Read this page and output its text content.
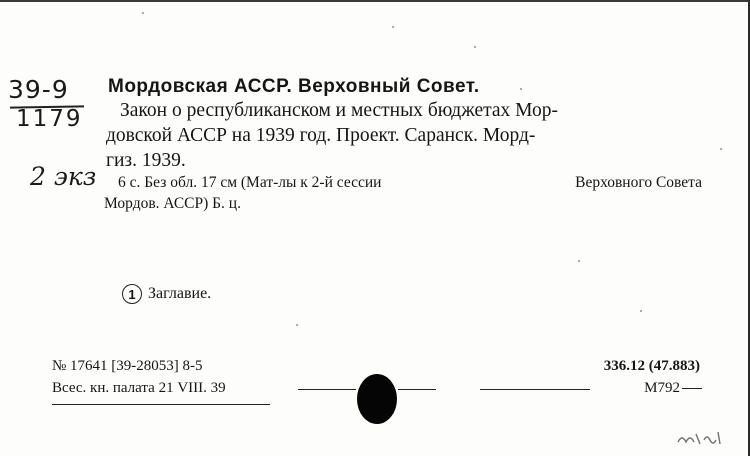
39-9
1179
2 экз
Мордовская АССР. Верховный Совет.
Закон о республиканском и местных бюджетах Мор-
довской АССР на 1939 год. Проект. Саранск. Морд-
гиз. 1939.
6 с. Без обл. 17 см (Мат-лы к 2-й сессии	Верховного Совета
Мордов. АССР) Б. ц.
1 Заглавие.
№ 17641 [39-28053] 8-5	336.12 (47.883)
Всес. кн. палата 21 VIII. 39	М792
